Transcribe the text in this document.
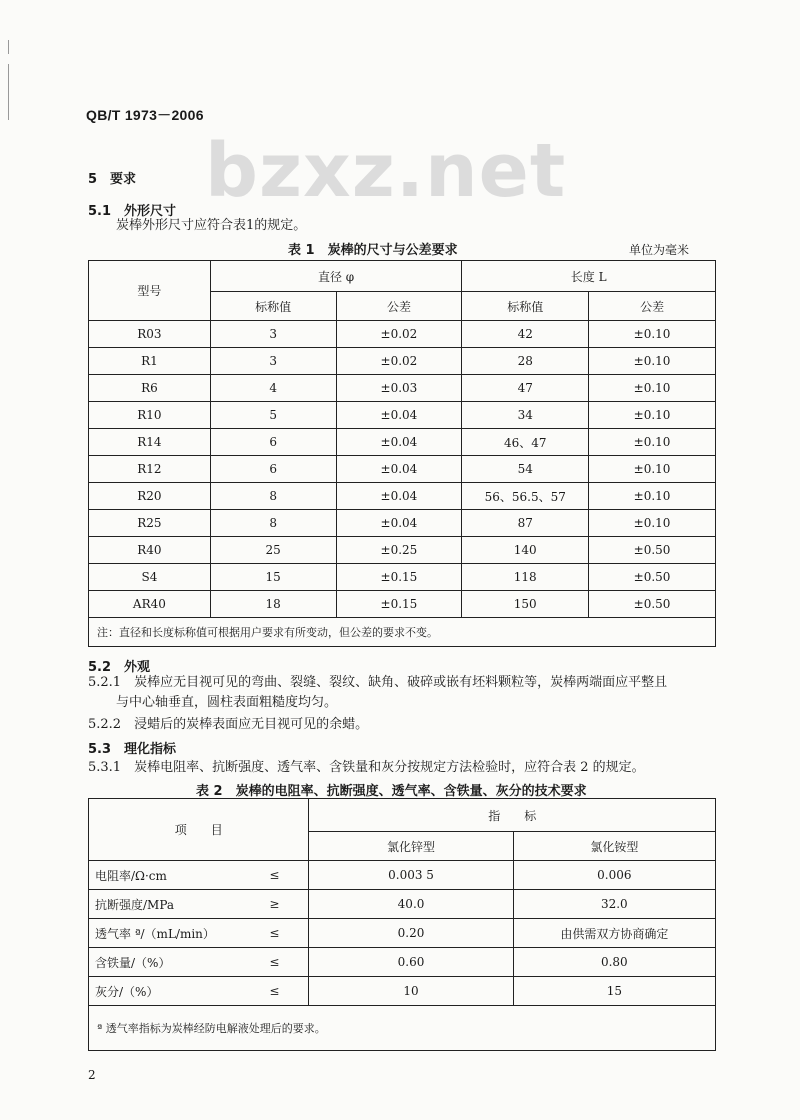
QB/T 1973－2006
bzxz.net
5　要求
5.1　外形尺寸
炭棒外形尺寸应符合表1的规定。
表 1　炭棒的尺寸与公差要求	单位为毫米
型号	直径 φ		长度 L	
	标称值	公差	标称值	公差
R03	3	±0.02	42	±0.10
R1	3	±0.02	28	±0.10
R6	4	±0.03	47	±0.10
R10	5	±0.04	34	±0.10
R14	6	±0.04	46、47	±0.10
R12	6	±0.04	54	±0.10
R20	8	±0.04	56、56.5、57	±0.10
R25	8	±0.04	87	±0.10
R40	25	±0.25	140	±0.50
S4	15	±0.15	118	±0.50
AR40	18	±0.15	150	±0.50
注：直径和长度标称值可根据用户要求有所变动，但公差的要求不变。				
5.2　外观
5.2.1　炭棒应无目视可见的弯曲、裂缝、裂纹、缺角、破碎或嵌有坯料颗粒等，炭棒两端面应平整且
与中心轴垂直，圆柱表面粗糙度均匀。
5.2.2　浸蜡后的炭棒表面应无目视可见的余蜡。
5.3　理化指标
5.3.1　炭棒电阻率、抗断强度、透气率、含铁量和灰分按规定方法检验时，应符合表 2 的规定。
表 2　炭棒的电阻率、抗断强度、透气率、含铁量、灰分的技术要求
项　　目		指　　标	
		氯化锌型	氯化铵型
电阻率/Ω·cm	≤	0.003 5	0.006
抗断强度/MPa	≥	40.0	32.0
透气率 ª/（mL/min）	≤	0.20	由供需双方协商确定
含铁量/（%）	≤	0.60	0.80
灰分/（%）	≤	10	15
ª 透气率指标为炭棒经防电解液处理后的要求。			
2
